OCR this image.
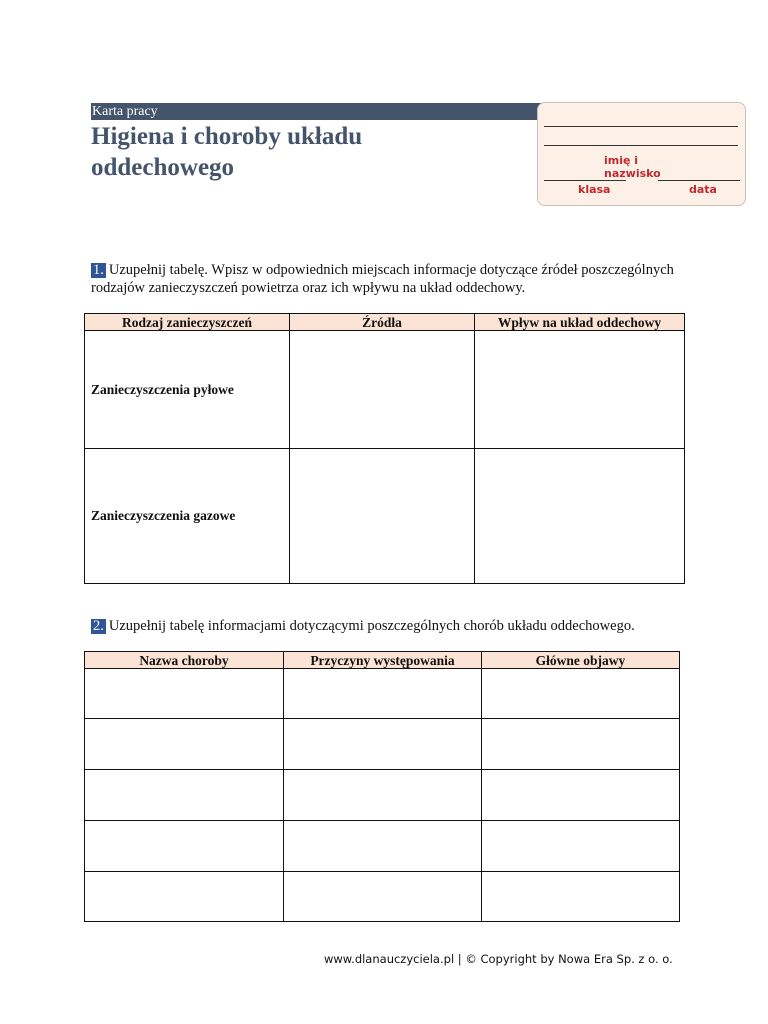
Karta pracy
Higiena i choroby układu oddechowego	imię i nazwisko
klasa	data
1. Uzupełnij tabelę. Wpisz w odpowiednich miejscach informacje dotyczące źródeł poszczególnych rodzajów zanieczyszczeń powietrza oraz ich wpływu na układ oddechowy.
Rodzaj zanieczyszczeń	Źródła	Wpływ na układ oddechowy
Zanieczyszczenia pyłowe		
Zanieczyszczenia gazowe		
2. Uzupełnij tabelę informacjami dotyczącymi poszczególnych chorób układu oddechowego.
Nazwa choroby	Przyczyny występowania	Główne objawy

www.dlanauczyciela.pl | © Copyright by Nowa Era Sp. z o. o.
